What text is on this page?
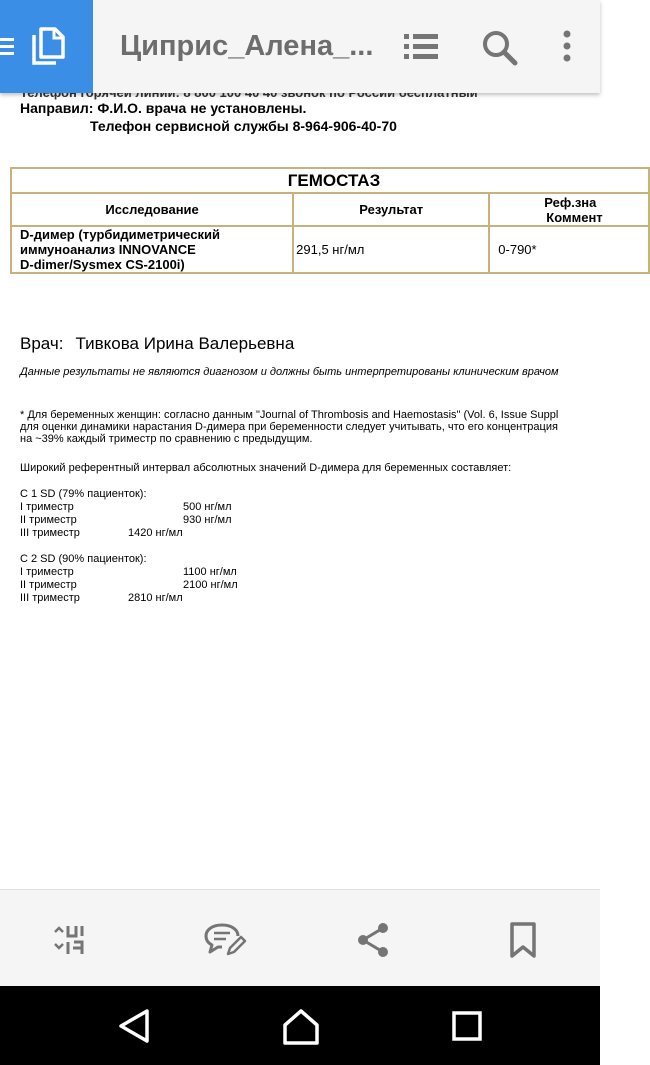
Циприс_Алена_...
Направил: Ф.И.О. врача не установлены.
Телефон сервисной службы 8-964-906-40-70
ГЕМОСТАЗ		
Исследование	Результат	Реф.зна
Коммент
D-димер (турбидиметрический
иммуноанализ INNOVANCE
D-dimer/Sysmex CS-2100i)	291,5 нг/мл	0-790*
Врач: Тивкова Ирина Валерьевна
Данные результаты не являются диагнозом и должны быть интерпретированы клиническим врачом
* Для беременных женщин: согласно данным "Journal of Thrombosis and Haemostasis" (Vol. 6, Issue Suppl
для оценки динамики нарастания D-димера при беременности следует учитывать, что его концентрация
на ~39% каждый триместр по сравнению с предыдущим.
Широкий референтный интервал абсолютных значений D-димера для беременных составляет:
С 1 SD (79% пациенток):
I триместр	500 нг/мл
II триместр	930 нг/мл
III триместр	1420 нг/мл
С 2 SD (90% пациенток):
I триместр	1100 нг/мл
II триместр	2100 нг/мл
III триместр	2810 нг/мл
